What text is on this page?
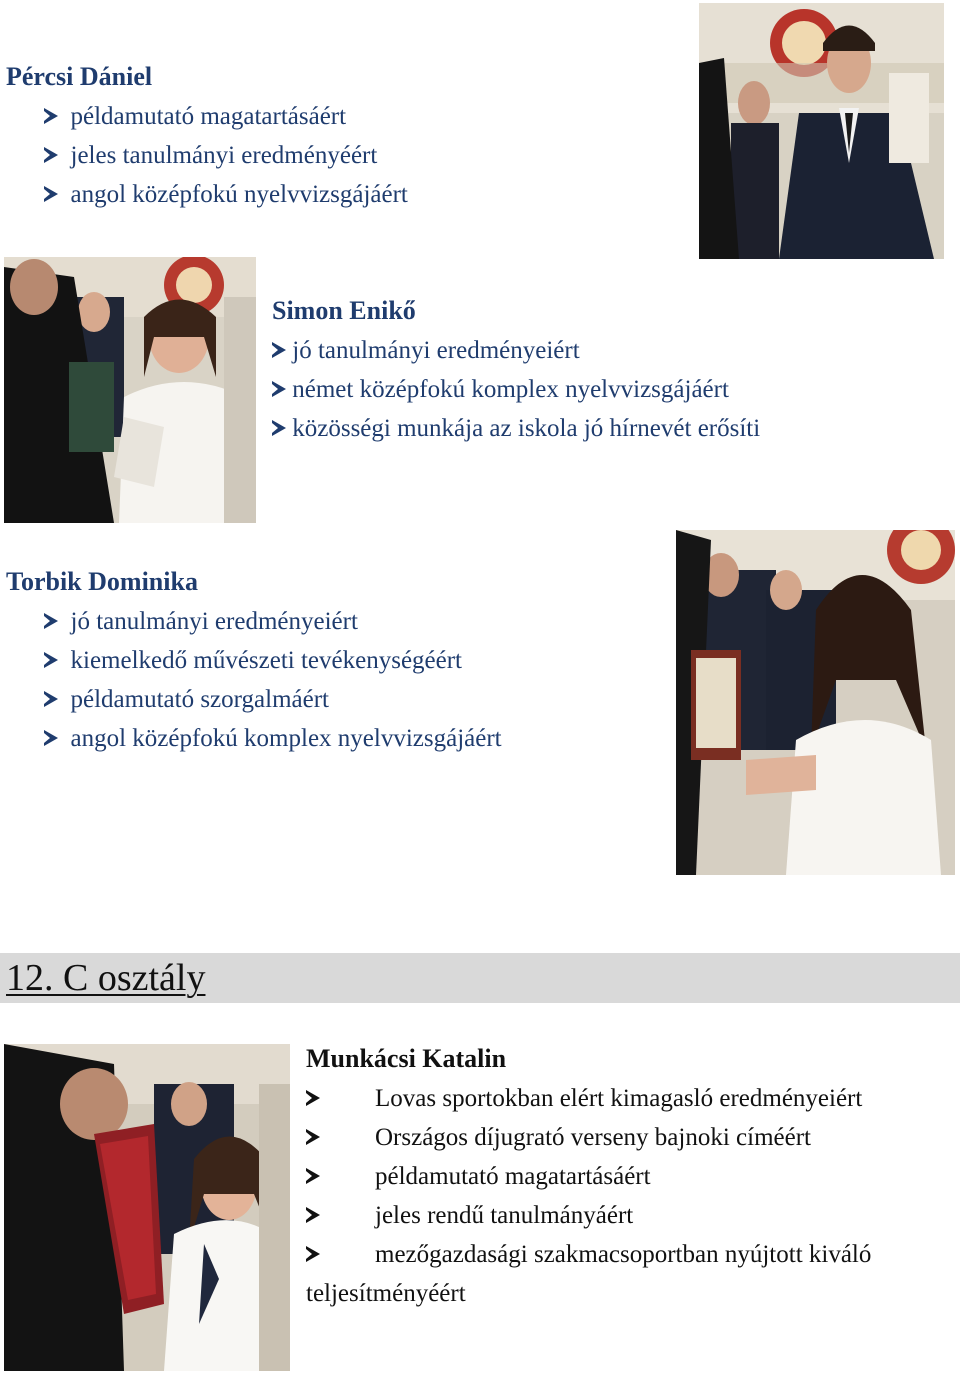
Pércsi Dániel
példamutató magatartásáért
jeles tanulmányi eredményéért
angol középfokú nyelvvizsgájáért
Simon Enikő
jó tanulmányi eredményeiért
német középfokú komplex nyelvvizsgájáért
közösségi munkája az iskola jó hírnevét erősíti
Torbik Dominika
jó tanulmányi eredményeiért
kiemelkedő művészeti tevékenységéért
példamutató szorgalmáért
angol középfokú komplex nyelvvizsgájáért
12. C osztály
Munkácsi Katalin
Lovas sportokban elért kimagasló eredményeiért
Országos díjugrató verseny bajnoki címéért
példamutató magatartásáért
jeles rendű tanulmányáért
mezőgazdasági szakmacsoportban nyújtott kiváló
teljesítményéért
